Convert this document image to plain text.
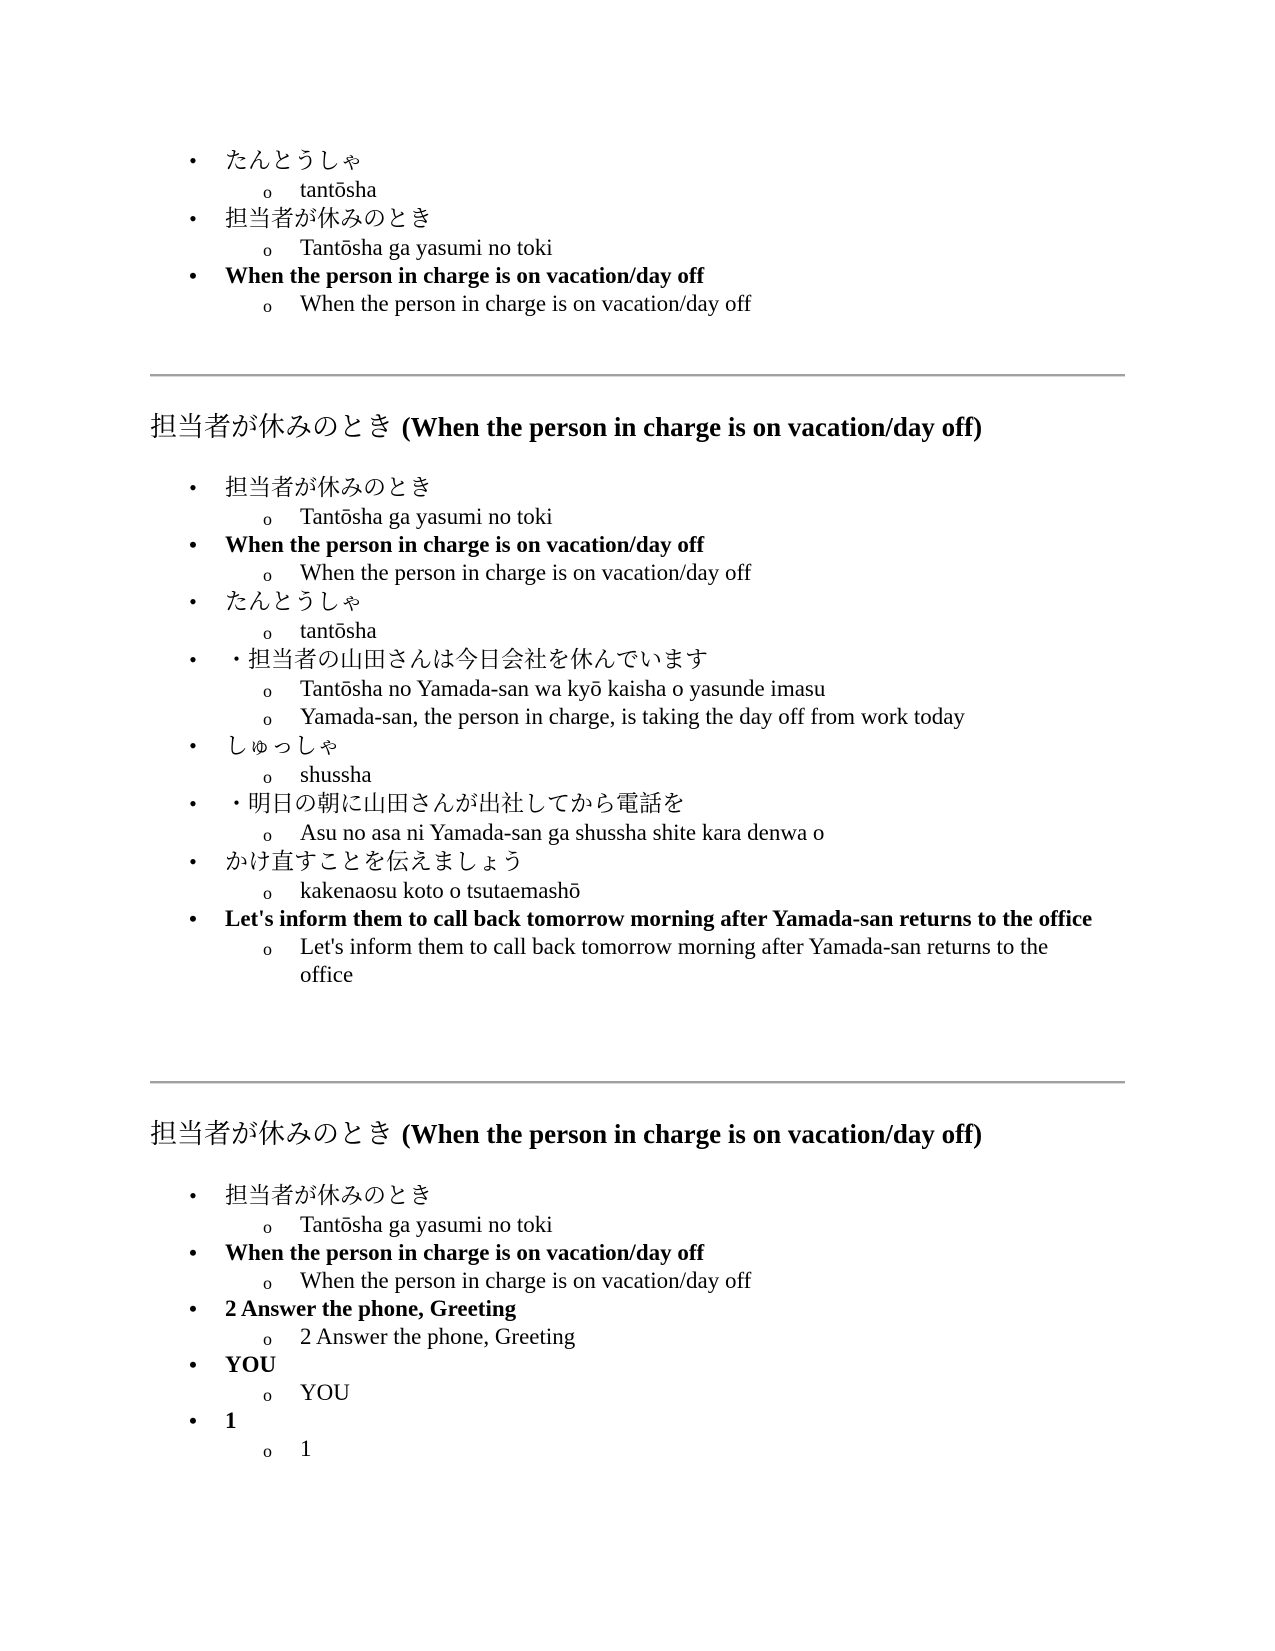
• たんとうしゃ
o tantōsha
• 担当者が休みのとき
o Tantōsha ga yasumi no toki
• When the person in charge is on vacation/day off
o When the person in charge is on vacation/day off
担当者が休みのとき (When the person in charge is on vacation/day off)
• 担当者が休みのとき
o Tantōsha ga yasumi no toki
• When the person in charge is on vacation/day off
o When the person in charge is on vacation/day off
• たんとうしゃ
o tantōsha
• ・担当者の山田さんは今日会社を休んでいます
o Tantōsha no Yamada-san wa kyō kaisha o yasunde imasu
o Yamada-san, the person in charge, is taking the day off from work today
• しゅっしゃ
o shussha
• ・明日の朝に山田さんが出社してから電話を
o Asu no asa ni Yamada-san ga shussha shite kara denwa o
• かけ直すことを伝えましょう
o kakenaosu koto o tsutaemashō
• Let's inform them to call back tomorrow morning after Yamada-san returns to the office
o Let's inform them to call back tomorrow morning after Yamada-san returns to the office
担当者が休みのとき (When the person in charge is on vacation/day off)
• 担当者が休みのとき
o Tantōsha ga yasumi no toki
• When the person in charge is on vacation/day off
o When the person in charge is on vacation/day off
• 2 Answer the phone, Greeting
o 2 Answer the phone, Greeting
• YOU
o YOU
• 1
o 1
